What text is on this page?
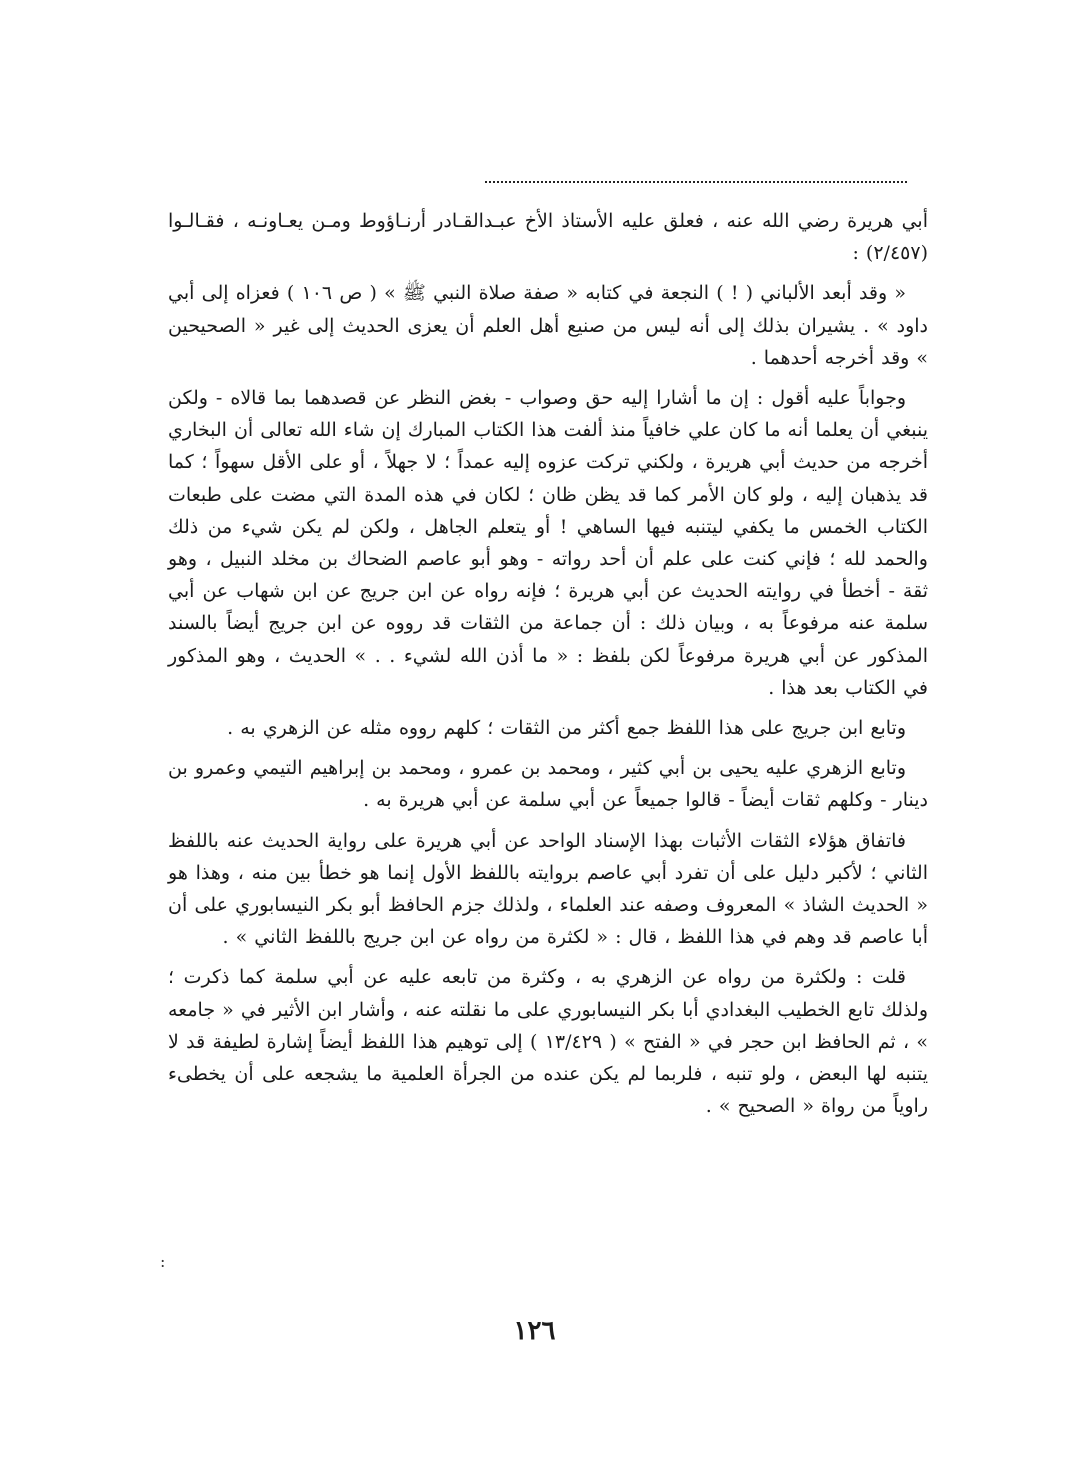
أبي هريرة رضي الله عنه ، فعلق عليه الأستاذ الأخ عبـدالقـادر أرنـاؤوط ومـن يعـاونـه ، فقـالـوا (٢/٤٥٧) :

« وقد أبعد الألباني ( ! ) النجعة في كتابه « صفة صلاة النبي ﷺ » ( ص ١٠٦ ) فعزاه إلى أبي داود » . يشيران بذلك إلى أنه ليس من صنيع أهل العلم أن يعزى الحديث إلى غير « الصحيحين » وقد أخرجه أحدهما .

وجواباً عليه أقول : إن ما أشارا إليه حق وصواب - بغض النظر عن قصدهما بما قالاه - ولكن ينبغي أن يعلما أنه ما كان علي خافياً منذ ألفت هذا الكتاب المبارك إن شاء الله تعالى أن البخاري أخرجه من حديث أبي هريرة ، ولكني تركت عزوه إليه عمداً ؛ لا جهلاً ، أو على الأقل سهواً ؛ كما قد يذهبان إليه ، ولو كان الأمر كما قد يظن ظان ؛ لكان في هذه المدة التي مضت على طبعات الكتاب الخمس ما يكفي ليتنبه فيها الساهي ! أو يتعلم الجاهل ، ولكن لم يكن شيء من ذلك والحمد لله ؛ فإني كنت على علم أن أحد رواته - وهو أبو عاصم الضحاك بن مخلد النبيل ، وهو ثقة - أخطأ في روايته الحديث عن أبي هريرة ؛ فإنه رواه عن ابن جريج عن ابن شهاب عن أبي سلمة عنه مرفوعاً به ، وبيان ذلك : أن جماعة من الثقات قد رووه عن ابن جريج أيضاً بالسند المذكور عن أبي هريرة مرفوعاً لكن بلفظ : « ما أذن الله لشيء . . » الحديث ، وهو المذكور في الكتاب بعد هذا .

وتابع ابن جريج على هذا اللفظ جمع أكثر من الثقات ؛ كلهم رووه مثله عن الزهري به .

وتابع الزهري عليه يحيى بن أبي كثير ، ومحمد بن عمرو ، ومحمد بن إبراهيم التيمي وعمرو بن دينار - وكلهم ثقات أيضاً - قالوا جميعاً عن أبي سلمة عن أبي هريرة به .

فاتفاق هؤلاء الثقات الأثبات بهذا الإسناد الواحد عن أبي هريرة على رواية الحديث عنه باللفظ الثاني ؛ لأكبر دليل على أن تفرد أبي عاصم بروايته باللفظ الأول إنما هو خطأ بين منه ، وهذا هو « الحديث الشاذ » المعروف وصفه عند العلماء ، ولذلك جزم الحافظ أبو بكر النيسابوري على أن أبا عاصم قد وهم في هذا اللفظ ، قال : « لكثرة من رواه عن ابن جريج باللفظ الثاني » .

قلت : ولكثرة من رواه عن الزهري به ، وكثرة من تابعه عليه عن أبي سلمة كما ذكرت ؛ ولذلك تابع الخطيب البغدادي أبا بكر النيسابوري على ما نقلته عنه ، وأشار ابن الأثير في « جامعه » ، ثم الحافظ ابن حجر في « الفتح » ( ١٣/٤٢٩ ) إلى توهيم هذا اللفظ أيضاً إشارة لطيفة قد لا يتنبه لها البعض ، ولو تنبه ، فلربما لم يكن عنده من الجرأة العلمية ما يشجعه على أن يخطىء راوياً من رواة « الصحيح » .

:
١٢٦
